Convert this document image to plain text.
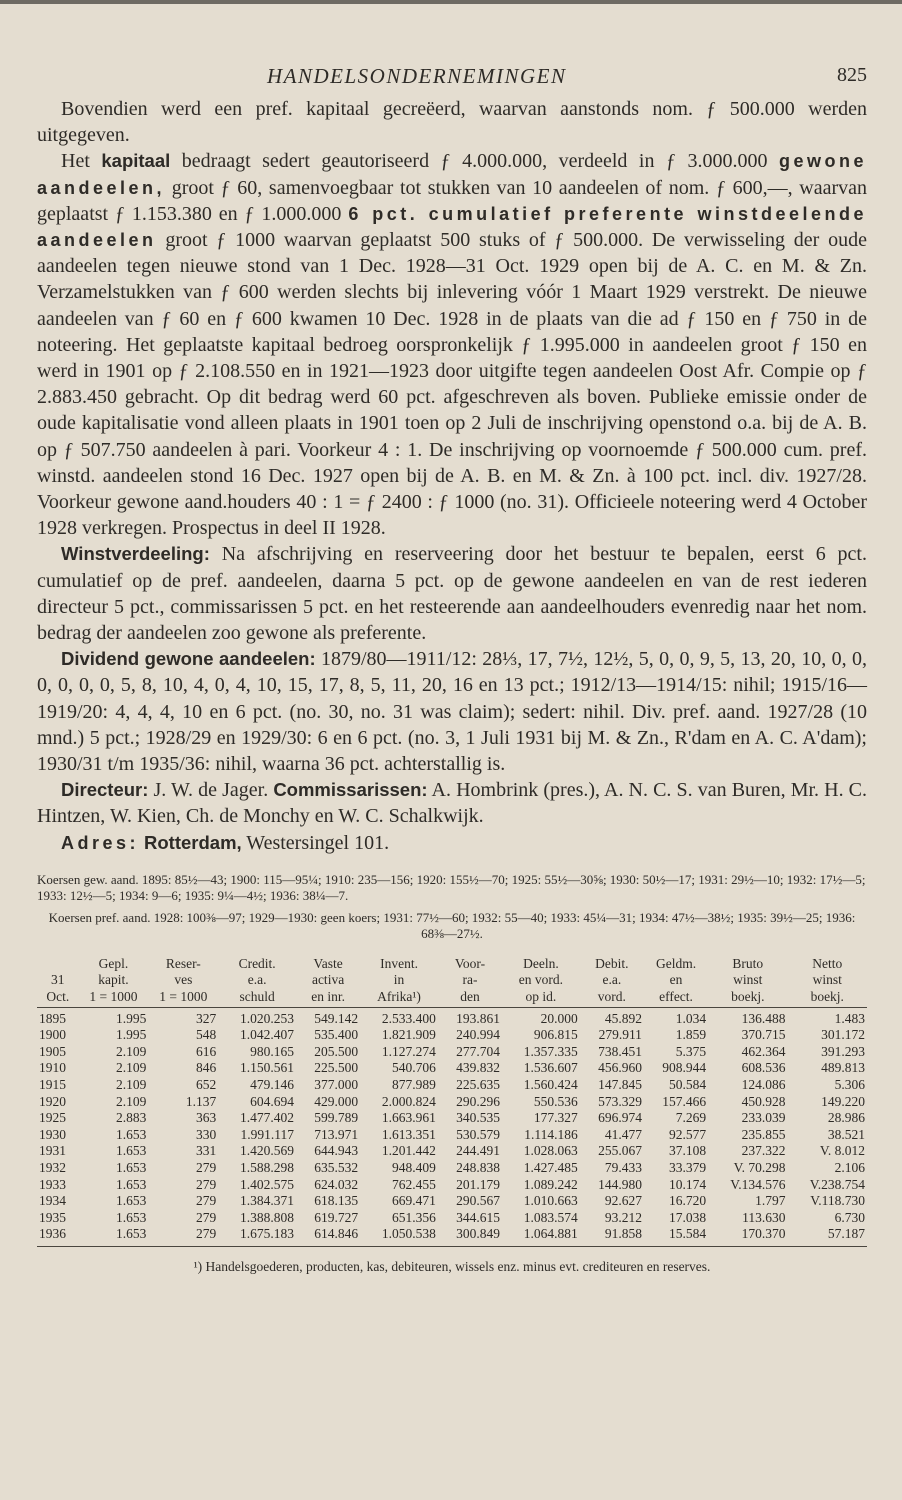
HANDELSONDERNEMINGEN	825

Bovendien werd een pref. kapitaal gecreëerd, waarvan aanstonds nom. ƒ 500.000 werden uitgegeven.

Het kapitaal bedraagt sedert geautoriseerd ƒ 4.000.000, verdeeld in ƒ 3.000.000 gewone aandeelen, groot ƒ 60, samenvoegbaar tot stukken van 10 aandeelen of nom. ƒ 600,—, waarvan geplaatst ƒ 1.153.380 en ƒ 1.000.000 6 pct. cumulatief preferente winstdeelende aandeelen groot ƒ 1000 waarvan geplaatst 500 stuks of ƒ 500.000. De verwisseling der oude aandeelen tegen nieuwe stond van 1 Dec. 1928—31 Oct. 1929 open bij de A. C. en M. & Zn. Verzamelstukken van ƒ 600 werden slechts bij inlevering vóór 1 Maart 1929 verstrekt. De nieuwe aandeelen van ƒ 60 en ƒ 600 kwamen 10 Dec. 1928 in de plaats van die ad ƒ 150 en ƒ 750 in de noteering. Het geplaatste kapitaal bedroeg oorspronkelijk ƒ 1.995.000 in aandeelen groot ƒ 150 en werd in 1901 op ƒ 2.108.550 en in 1921—1923 door uitgifte tegen aandeelen Oost Afr. Compie op ƒ 2.883.450 gebracht. Op dit bedrag werd 60 pct. afgeschreven als boven. Publieke emissie onder de oude kapitalisatie vond alleen plaats in 1901 toen op 2 Juli de inschrijving openstond o.a. bij de A. B. op ƒ 507.750 aandeelen à pari. Voorkeur 4 : 1. De inschrijving op voornoemde ƒ 500.000 cum. pref. winstd. aandeelen stond 16 Dec. 1927 open bij de A. B. en M. & Zn. à 100 pct. incl. div. 1927/28. Voorkeur gewone aand.houders 40 : 1 = ƒ 2400 : ƒ 1000 (no. 31). Officieele noteering werd 4 October 1928 verkregen. Prospectus in deel II 1928.

Winstverdeeling: Na afschrijving en reserveering door het bestuur te bepalen, eerst 6 pct. cumulatief op de pref. aandeelen, daarna 5 pct. op de gewone aandeelen en van de rest iederen directeur 5 pct., commissarissen 5 pct. en het resteerende aan aandeelhouders evenredig naar het nom. bedrag der aandeelen zoo gewone als preferente.

Dividend gewone aandeelen: 1879/80—1911/12: 28⅓, 17, 7½, 12½, 5, 0, 0, 9, 5, 13, 20, 10, 0, 0, 0, 0, 0, 0, 5, 8, 10, 4, 0, 4, 10, 15, 17, 8, 5, 11, 20, 16 en 13 pct.; 1912/13—1914/15: nihil; 1915/16—1919/20: 4, 4, 4, 10 en 6 pct. (no. 30, no. 31 was claim); sedert: nihil. Div. pref. aand. 1927/28 (10 mnd.) 5 pct.; 1928/29 en 1929/30: 6 en 6 pct. (no. 3, 1 Juli 1931 bij M. & Zn., R'dam en A. C. A'dam); 1930/31 t/m 1935/36: nihil, waarna 36 pct. achterstallig is.

Directeur: J. W. de Jager. Commissarissen: A. Hombrink (pres.), A. N. C. S. van Buren, Mr. H. C. Hintzen, W. Kien, Ch. de Monchy en W. C. Schalkwijk.

Adres: Rotterdam, Westersingel 101.

Koersen gew. aand. 1895: 85½—43; 1900: 115—95¼; 1910: 235—156; 1920: 155½—70; 1925: 55½—30⅝; 1930: 50½—17; 1931: 29½—10; 1932: 17½—5; 1933: 12½—5; 1934: 9—6; 1935: 9¼—4½; 1936: 38¼—7.

Koersen pref. aand. 1928: 100⅜—97; 1929—1930: geen koers; 1931: 77½—60; 1932: 55—40; 1933: 45¼—31; 1934: 47½—38½; 1935: 39½—25; 1936: 68⅜—27½.

	Gepl.	Reser-	Credit.	Vaste	Invent.	Voor-	Deeln.	Debit.	Geldm.	Bruto	Netto
31	kapit.	ves	e.a.	activa	in	ra-	en vord.	e.a.	en	winst	winst
Oct.	1 = 1000	1 = 1000	schuld	en inr.	Afrika¹)	den	op id.	vord.	effect.	boekj.	boekj.
1895	1.995	327	1.020.253	549.142	2.533.400	193.861	20.000	45.892	1.034	136.488	1.483
1900	1.995	548	1.042.407	535.400	1.821.909	240.994	906.815	279.911	1.859	370.715	301.172
1905	2.109	616	980.165	205.500	1.127.274	277.704	1.357.335	738.451	5.375	462.364	391.293
1910	2.109	846	1.150.561	225.500	540.706	439.832	1.536.607	456.960	908.944	608.536	489.813
1915	2.109	652	479.146	377.000	877.989	225.635	1.560.424	147.845	50.584	124.086	5.306
1920	2.109	1.137	604.694	429.000	2.000.824	290.296	550.536	573.329	157.466	450.928	149.220
1925	2.883	363	1.477.402	599.789	1.663.961	340.535	177.327	696.974	7.269	233.039	28.986
1930	1.653	330	1.991.117	713.971	1.613.351	530.579	1.114.186	41.477	92.577	235.855	38.521
1931	1.653	331	1.420.569	644.943	1.201.442	244.491	1.028.063	255.067	37.108	237.322	V. 8.012
1932	1.653	279	1.588.298	635.532	948.409	248.838	1.427.485	79.433	33.379	V. 70.298	2.106
1933	1.653	279	1.402.575	624.032	762.455	201.179	1.089.242	144.980	10.174	V.134.576	V.238.754
1934	1.653	279	1.384.371	618.135	669.471	290.567	1.010.663	92.627	16.720	1.797	V.118.730
1935	1.653	279	1.388.808	619.727	651.356	344.615	1.083.574	93.212	17.038	113.630	6.730
1936	1.653	279	1.675.183	614.846	1.050.538	300.849	1.064.881	91.858	15.584	170.370	57.187
¹) Handelsgoederen, producten, kas, debiteuren, wissels enz. minus evt. crediteuren en reserves.
